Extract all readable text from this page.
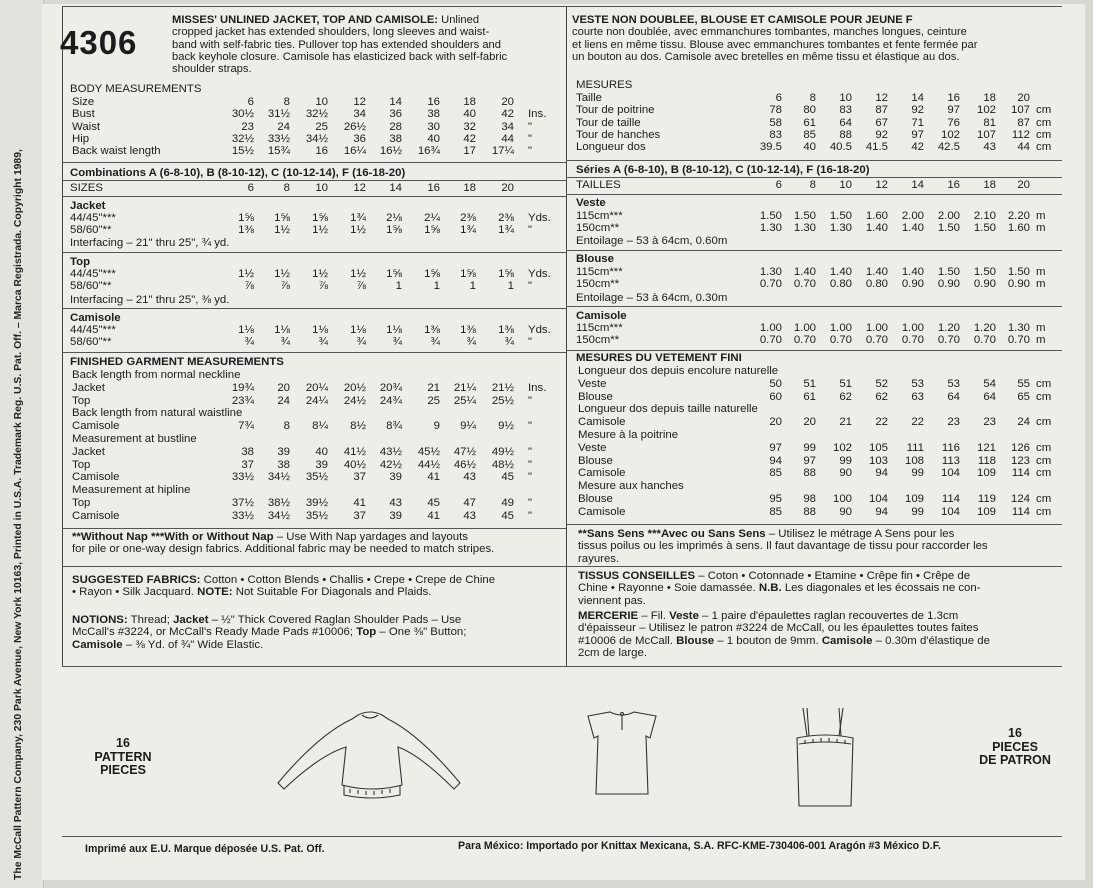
The McCall Pattern Company, 230 Park Avenue, New York 10163, Printed in U.S.A. Trademark Reg. U.S. Pat. Off. – Marca Registrada. Copyright 1989,
4306
MISSES' UNLINED JACKET, TOP AND CAMISOLE: Unlined
cropped jacket has extended shoulders, long sleeves and waist-
band with self-fabric ties. Pullover top has extended shoulders and
back keyhole closure. Camisole has elasticized back with self-fabric
shoulder straps.
VESTE NON DOUBLEE, BLOUSE ET CAMISOLE POUR JEUNE F
courte non doublée, avec emmanchures tombantes, manches longues, ceinture
et liens en même tissu. Blouse avec emmanchures tombantes et fente fermée par
un bouton au dos. Camisole avec bretelles en même tissu et élastique au dos.
BODY MEASUREMENTS
Size	6	8	10	12	14	16	18	20
Bust	30½	31½	32½	34	36	38	40	42 Ins.
Waist	23	24	25	26½	28	30	32	34 "
Hip	32½	33½	34½	36	38	40	42	44 "
Back waist length	15½	15¾	16	16¼	16½	16¾	17	17¼ "
Combinations A (6-8-10), B (8-10-12), C (10-12-14), F (16-18-20)
SIZES	6	8	10	12	14	16	18	20
Jacket
44/45"***	1⅝	1⅝	1⅝	1¾	2⅛	2¼	2⅜	2⅜ Yds.
58/60"**	1⅜	1½	1½	1½	1⅝	1⅝	1¾	1¾ "
Interfacing – 21" thru 25", ¾ yd.
Top
44/45"***	1½	1½	1½	1½	1⅝	1⅝	1⅝	1⅝ Yds.
58/60"**	⅞	⅞	⅞	⅞	1	1	1	1 "
Interfacing – 21" thru 25", ⅜ yd.
Camisole
44/45"***	1⅛	1⅛	1⅛	1⅛	1⅛	1⅜	1⅜	1⅜ Yds.
58/60"**	¾	¾	¾	¾	¾	¾	¾	¾ "
FINISHED GARMENT MEASUREMENTS
Back length from normal neckline
Jacket	19¾	20	20¼	20½	20¾	21	21¼	21½ Ins.
Top	23¾	24	24¼	24½	24¾	25	25¼	25½ "
Back length from natural waistline
Camisole	7¾	8	8¼	8½	8¾	9	9¼	9½ "
Measurement at bustline
Jacket	38	39	40	41½	43½	45½	47½	49½ "
Top	37	38	39	40½	42½	44½	46½	48½ "
Camisole	33½	34½	35½	37	39	41	43	45 "
Measurement at hipline
Top	37½	38½	39½	41	43	45	47	49 "
Camisole	33½	34½	35½	37	39	41	43	45 "
MESURES
Taille	6	8	10	12	14	16	18	20
Tour de poitrine	78	80	83	87	92	97	102	107 cm
Tour de taille	58	61	64	67	71	76	81	87 cm
Tour de hanches	83	85	88	92	97	102	107	112 cm
Longueur dos	39.5	40	40.5	41.5	42	42.5	43	44 cm
Séries A (6-8-10), B (8-10-12), C (10-12-14), F (16-18-20)
TAILLES	6	8	10	12	14	16	18	20
Veste
115cm***	1.50	1.50	1.50	1.60	2.00	2.00	2.10	2.20 m
150cm**	1.30	1.30	1.30	1.40	1.40	1.50	1.50	1.60 m
Entoilage – 53 à 64cm, 0.60m
Blouse
115cm***	1.30	1.40	1.40	1.40	1.40	1.50	1.50	1.50 m
150cm**	0.70	0.70	0.80	0.80	0.90	0.90	0.90	0.90 m
Entoilage – 53 à 64cm, 0.30m
Camisole
115cm***	1.00	1.00	1.00	1.00	1.00	1.20	1.20	1.30 m
150cm**	0.70	0.70	0.70	0.70	0.70	0.70	0.70	0.70 m
MESURES DU VETEMENT FINI
Longueur dos depuis encolure naturelle
Veste	50	51	51	52	53	53	54	55 cm
Blouse	60	61	62	62	63	64	64	65 cm
Longueur dos depuis taille naturelle
Camisole	20	20	21	22	22	23	23	24 cm
Mesure à la poitrine
Veste	97	99	102	105	111	116	121	126 cm
Blouse	94	97	99	103	108	113	118	123 cm
Camisole	85	88	90	94	99	104	109	114 cm
Mesure aux hanches
Blouse	95	98	100	104	109	114	119	124 cm
Camisole	85	88	90	94	99	104	109	114 cm
**Without Nap ***With or Without Nap – Use With Nap yardages and layouts
for pile or one-way design fabrics. Additional fabric may be needed to match stripes.
SUGGESTED FABRICS: Cotton • Cotton Blends • Challis • Crepe • Crepe de Chine
• Rayon • Silk Jacquard. NOTE: Not Suitable For Diagonals and Plaids.
NOTIONS: Thread; Jacket – ½" Thick Covered Raglan Shoulder Pads – Use
McCall's #3224, or McCall's Ready Made Pads #10006; Top – One ⅜" Button;
Camisole – ⅜ Yd. of ¾" Wide Elastic.
**Sans Sens ***Avec ou Sans Sens – Utilisez le métrage A Sens pour les
tissus poilus ou les imprimés à sens. Il faut davantage de tissu pour raccorder les
rayures.
TISSUS CONSEILLES – Coton • Cotonnade • Etamine • Crêpe fin • Crêpe de
Chine • Rayonne • Soie damassée. N.B. Les diagonales et les écossais ne con-
viennent pas.
MERCERIE – Fil. Veste – 1 paire d'épaulettes raglan recouvertes de 1.3cm
d'épaisseur – Utilisez le patron #3224 de McCall, ou les épaulettes toutes faites
#10006 de McCall. Blouse – 1 bouton de 9mm. Camisole – 0.30m d'élastique de
2cm de large.
16
PATTERN
PIECES
16
PIECES
DE PATRON
Imprimé aux E.U. Marque déposée U.S. Pat. Off.	Para México: Importado por Knittax Mexicana, S.A. RFC-KME-730406-001 Aragón #3 México D.F.
